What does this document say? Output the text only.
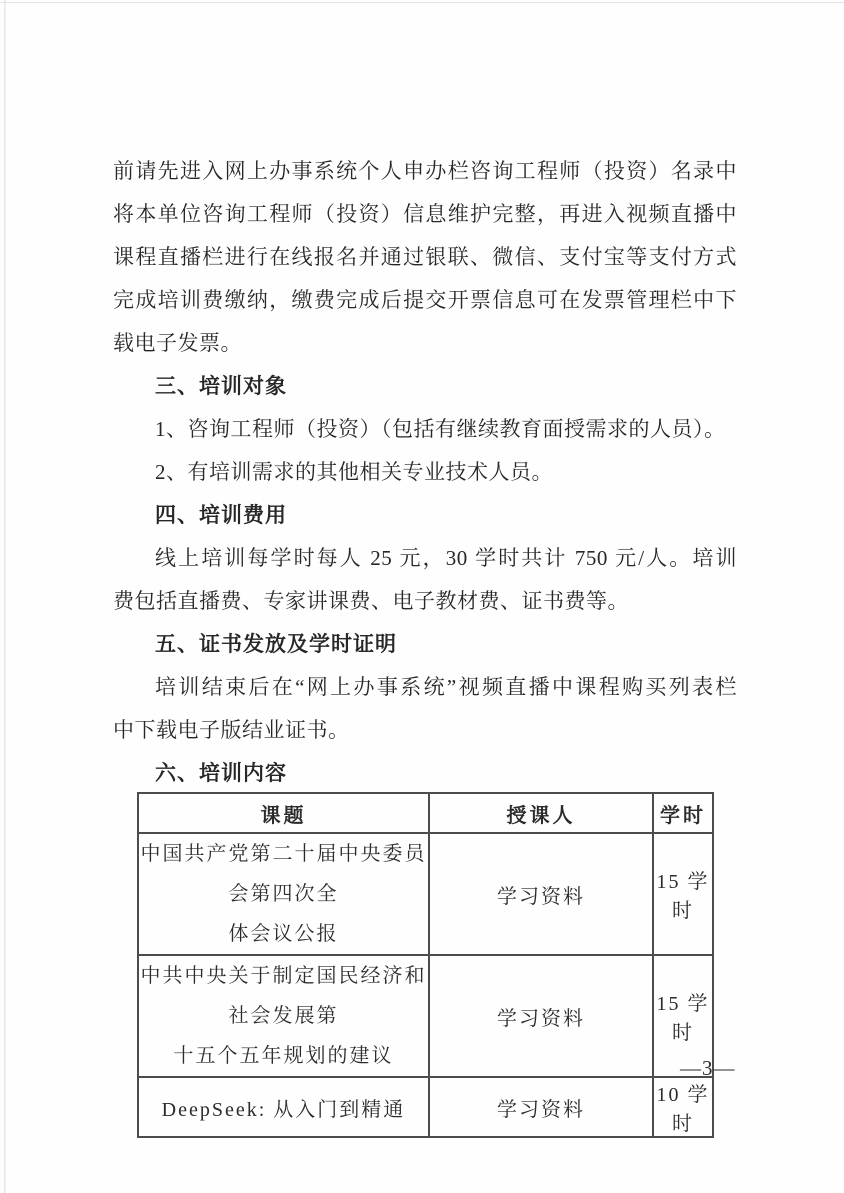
前请先进入网上办事系统个人申办栏咨询工程师（投资）名录中
将本单位咨询工程师（投资）信息维护完整，再进入视频直播中
课程直播栏进行在线报名并通过银联、微信、支付宝等支付方式
完成培训费缴纳，缴费完成后提交开票信息可在发票管理栏中下
载电子发票。
三、培训对象
1、咨询工程师（投资）（包括有继续教育面授需求的人员）。
2、有培训需求的其他相关专业技术人员。
四、培训费用
线上培训每学时每人 25 元，30 学时共计 750 元/人。培训
费包括直播费、专家讲课费、电子教材费、证书费等。
五、证书发放及学时证明
培训结束后在“网上办事系统”视频直播中课程购买列表栏
中下载电子版结业证书。
六、培训内容
课题	授课人	学时

中国共产党第二十届中央委员会第四次全
体会议公报	学习资料	15 学时

中共中央关于制定国民经济和社会发展第
十五个五年规划的建议	学习资料	15 学时
DeepSeek: 从入门到精通	学习资料	10 学时
—3—
